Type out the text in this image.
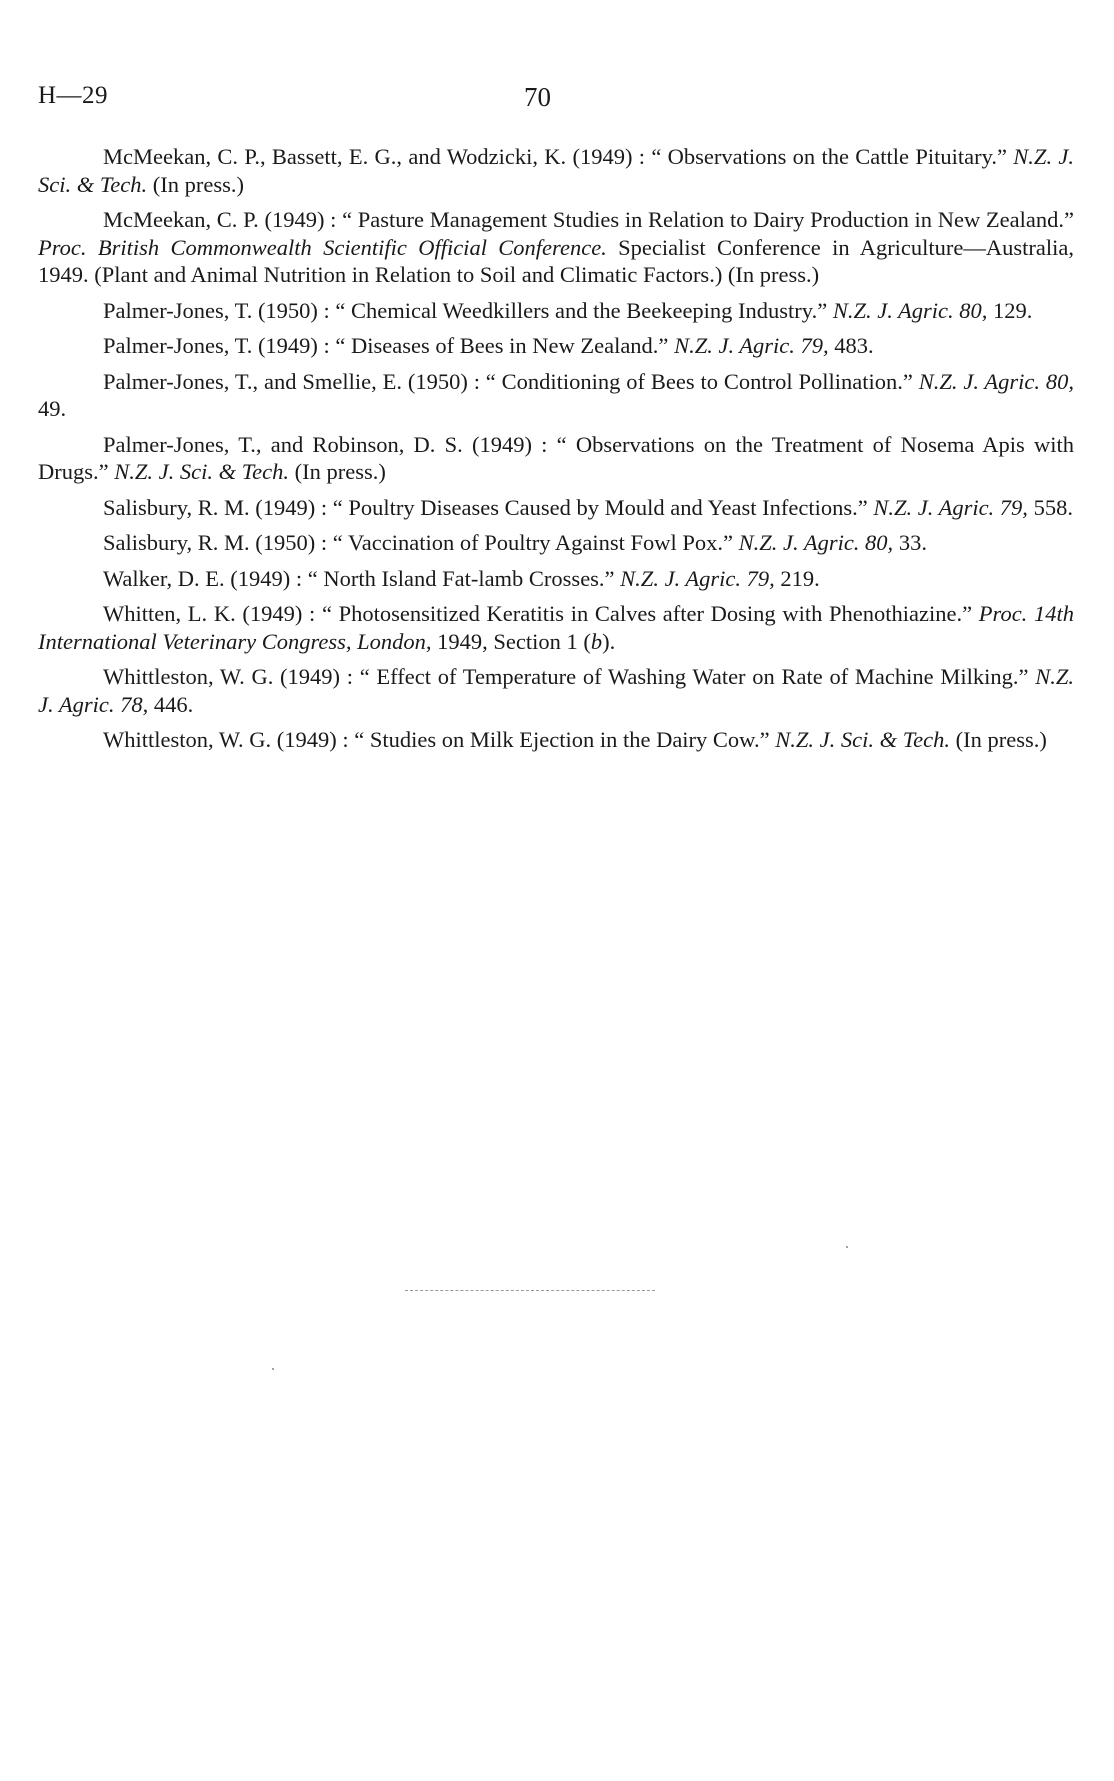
H—29	70
McMeekan, C. P., Bassett, E. G., and Wodzicki, K. (1949) : “ Observations on the Cattle Pituitary.” N.Z. J. Sci. & Tech. (In press.)
McMeekan, C. P. (1949) : “ Pasture Management Studies in Relation to Dairy Production in New Zealand.” Proc. British Commonwealth Scientific Official Conference. Specialist Conference in Agriculture—Australia, 1949. (Plant and Animal Nutrition in Relation to Soil and Climatic Factors.) (In press.)
Palmer-Jones, T. (1950) : “ Chemical Weedkillers and the Beekeeping Industry.” N.Z. J. Agric. 80, 129.
Palmer-Jones, T. (1949) : “ Diseases of Bees in New Zealand.” N.Z. J. Agric. 79, 483.
Palmer-Jones, T., and Smellie, E. (1950) : “ Conditioning of Bees to Control Pollination.” N.Z. J. Agric. 80, 49.
Palmer-Jones, T., and Robinson, D. S. (1949) : “ Observations on the Treatment of Nosema Apis with Drugs.” N.Z. J. Sci. & Tech. (In press.)
Salisbury, R. M. (1949) : “ Poultry Diseases Caused by Mould and Yeast Infections.” N.Z. J. Agric. 79, 558.
Salisbury, R. M. (1950) : “ Vaccination of Poultry Against Fowl Pox.” N.Z. J. Agric. 80, 33.
Walker, D. E. (1949) : “ North Island Fat-lamb Crosses.” N.Z. J. Agric. 79, 219.
Whitten, L. K. (1949) : “ Photosensitized Keratitis in Calves after Dosing with Phenothiazine.” Proc. 14th International Veterinary Congress, London, 1949, Section 1 (b).
Whittleston, W. G. (1949) : “ Effect of Temperature of Washing Water on Rate of Machine Milking.” N.Z. J. Agric. 78, 446.
Whittleston, W. G. (1949) : “ Studies on Milk Ejection in the Dairy Cow.” N.Z. J. Sci. & Tech. (In press.)
